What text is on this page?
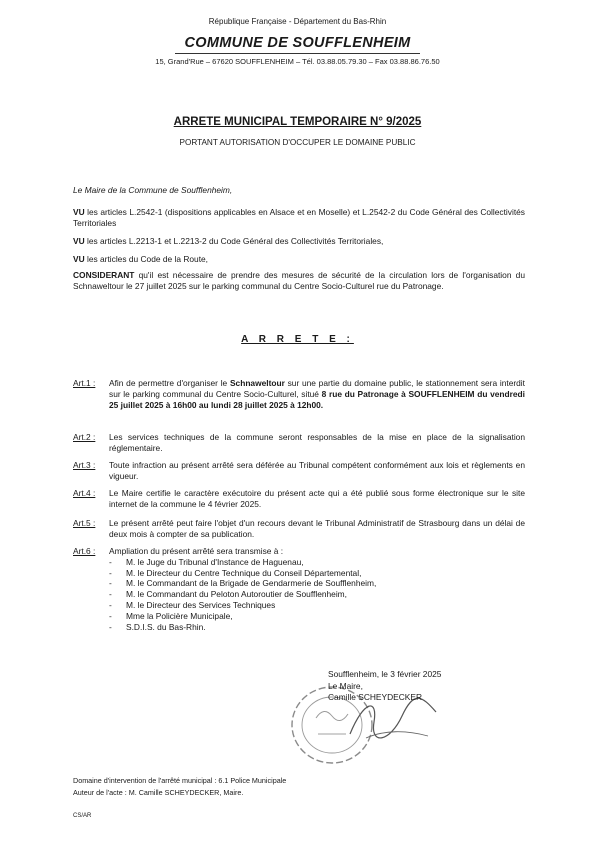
République Française - Département du Bas-Rhin
COMMUNE DE SOUFFLENHEIM
15, Grand'Rue – 67620 SOUFFLENHEIM – Tél. 03.88.05.79.30 – Fax 03.88.86.76.50
ARRETE MUNICIPAL TEMPORAIRE N° 9/2025
PORTANT AUTORISATION D'OCCUPER LE DOMAINE PUBLIC
Le Maire de la Commune de Soufflenheim,
VU les articles L.2542-1 (dispositions applicables en Alsace et en Moselle) et L.2542-2 du Code Général des Collectivités Territoriales
VU les articles L.2213-1 et L.2213-2 du Code Général des Collectivités Territoriales,
VU les articles du Code de la Route,
CONSIDERANT qu'il est nécessaire de prendre des mesures de sécurité de la circulation lors de l'organisation du Schnaweltour le 27 juillet 2025 sur le parking communal du Centre Socio-Culturel rue du Patronage.
A R R E T E :
Art.1 : Afin de permettre d'organiser le Schnaweltour sur une partie du domaine public, le stationnement sera interdit sur le parking communal du Centre Socio-Culturel, situé 8 rue du Patronage à SOUFFLENHEIM du vendredi 25 juillet 2025 à 16h00 au lundi 28 juillet 2025 à 12h00.
Art.2 : Les services techniques de la commune seront responsables de la mise en place de la signalisation réglementaire.
Art.3 : Toute infraction au présent arrêté sera déférée au Tribunal compétent conformément aux lois et règlements en vigueur.
Art.4 : Le Maire certifie le caractère exécutoire du présent acte qui a été publié sous forme électronique sur le site internet de la commune le 4 février 2025.
Art.5 : Le présent arrêté peut faire l'objet d'un recours devant le Tribunal Administratif de Strasbourg dans un délai de deux mois à compter de sa publication.
Art.6 : Ampliation du présent arrêté sera transmise à :
-	M. le Juge du Tribunal d'Instance de Haguenau,
-	M. le Directeur du Centre Technique du Conseil Départemental,
-	M. le Commandant de la Brigade de Gendarmerie de Soufflenheim,
-	M. le Commandant du Peloton Autoroutier de Soufflenheim,
-	M. le Directeur des Services Techniques
-	Mme la Policière Municipale,
-	S.D.I.S. du Bas-Rhin.
Soufflenheim, le 3 février 2025
Le Maire,
Camille SCHEYDECKER
Domaine d'intervention de l'arrêté municipal : 6.1 Police Municipale
Auteur de l'acte : M. Camille SCHEYDECKER, Maire.
CS/AR
